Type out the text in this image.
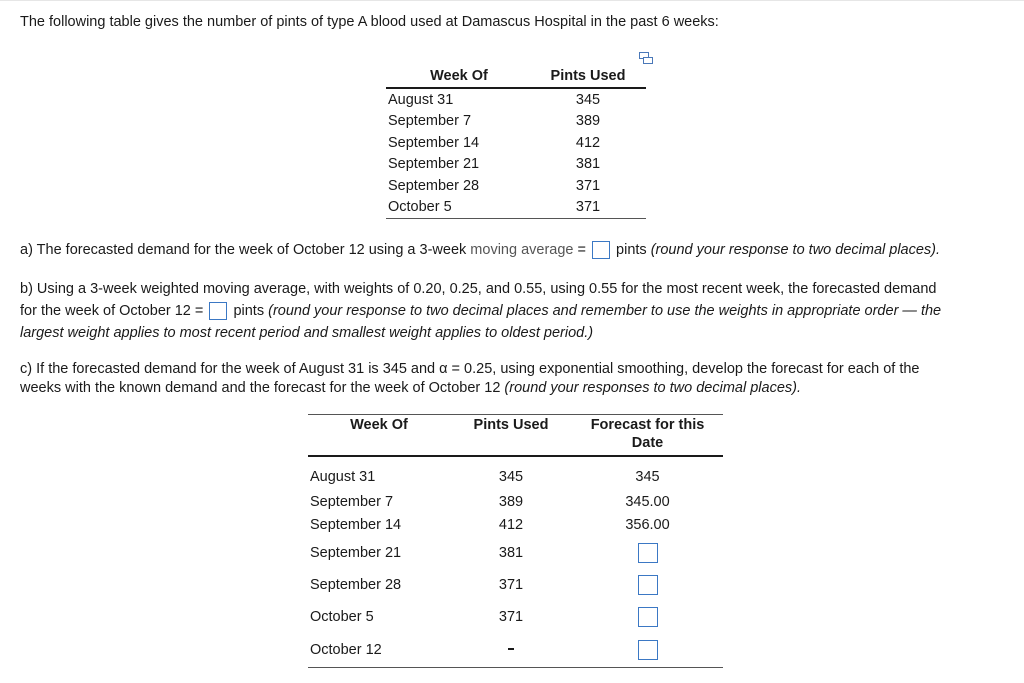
The following table gives the number of pints of type A blood used at Damascus Hospital in the past 6 weeks:
Week Of	Pints Used
August 31	345
September 7	389
September 14	412
September 21	381
September 28	371
October 5	371
a) The forecasted demand for the week of October 12 using a 3-week moving average = pints (round your response to two decimal places).
b) Using a 3-week weighted moving average, with weights of 0.20, 0.25, and 0.55, using 0.55 for the most recent week, the forecasted demand
for the week of October 12 = pints (round your response to two decimal places and remember to use the weights in appropriate order — the
largest weight applies to most recent period and smallest weight applies to oldest period.)
c) If the forecasted demand for the week of August 31 is 345 and α = 0.25, using exponential smoothing, develop the forecast for each of the
weeks with the known demand and the forecast for the week of October 12 (round your responses to two decimal places).
Week Of	Pints Used	Forecast for this
		Date
August 31	345	345
September 7	389	345.00
September 14	412	356.00
September 21	381	
September 28	371	
October 5	371	
October 12		
